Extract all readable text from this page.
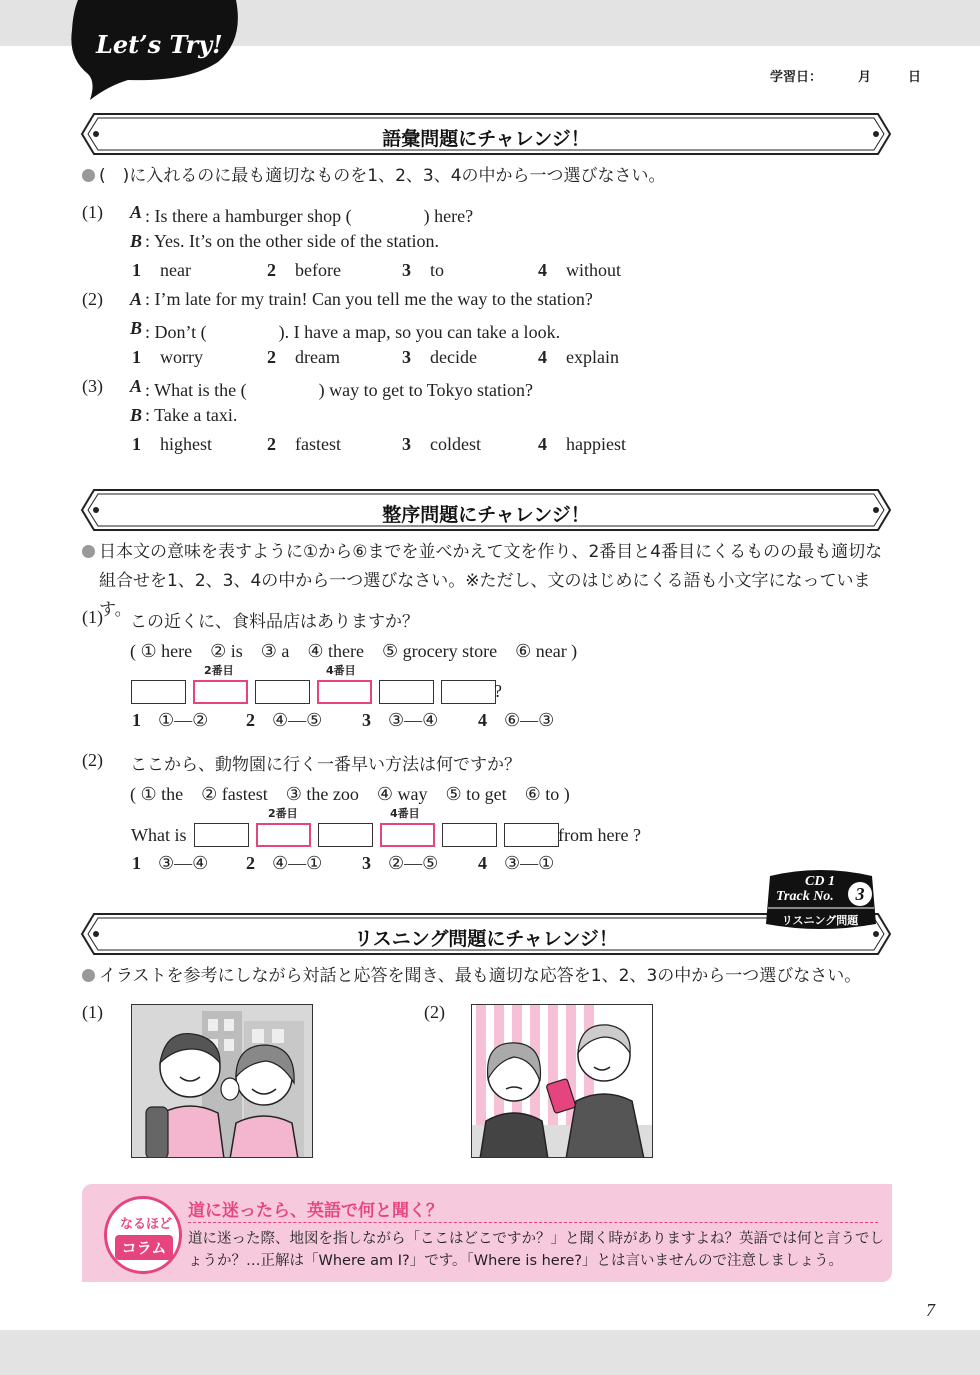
Let’s Try!
学習日：	月	日
語彙問題にチャレンジ！
(　)に入れるのに最も適切なものを1、2、3、4の中から一つ選びなさい。
(1) A : Is there a hamburger shop (　　　　) here?
B : Yes. It’s on the other side of the station.
1 near	2 before	3 to	4 without
(2) A : I’m late for my train! Can you tell me the way to the station?
B : Don’t (　　　　). I have a map, so you can take a look.
1 worry	2 dream	3 decide	4 explain
(3) A : What is the (　　　　) way to get to Tokyo station?
B : Take a taxi.
1 highest	2 fastest	3 coldest	4 happiest
整序問題にチャレンジ！
日本文の意味を表すように①から⑥までを並べかえて文を作り、2番目と4番目にくるものの最も適切な
組合せを1、2、3、4の中から一つ選びなさい。※ただし、文のはじめにくる語も小文字になっています。
(1) この近くに、食料品店はありますか？
( ① here　② is　③ a　④ there　⑤ grocery store　⑥ near )
2番目	4番目
?
1 ①—② 2 ④—⑤ 3 ③—④ 4 ⑥—③
(2) ここから、動物園に行く一番早い方法は何ですか？
( ① the　② fastest　③ the zoo　④ way　⑤ to get　⑥ to )
What is
2番目	4番目
from here ?
1 ③—④ 2 ④—① 3 ②—⑤ 4 ③—①
リスニング問題にチャレンジ！
CD 1
Track No.	3
リスニング問題
イラストを参考にしながら対話と応答を聞き、最も適切な応答を1、2、3の中から一つ選びなさい。
(1)	(2)
なるほど
コラム
道に迷ったら、英語で何と聞く？
道に迷った際、地図を指しながら「ここはどこですか？」と聞く時がありますよね？英語では何と言うでしょうか？…正解は「Where am I?」です。「Where is here?」とは言いませんので注意しましょう。
7
